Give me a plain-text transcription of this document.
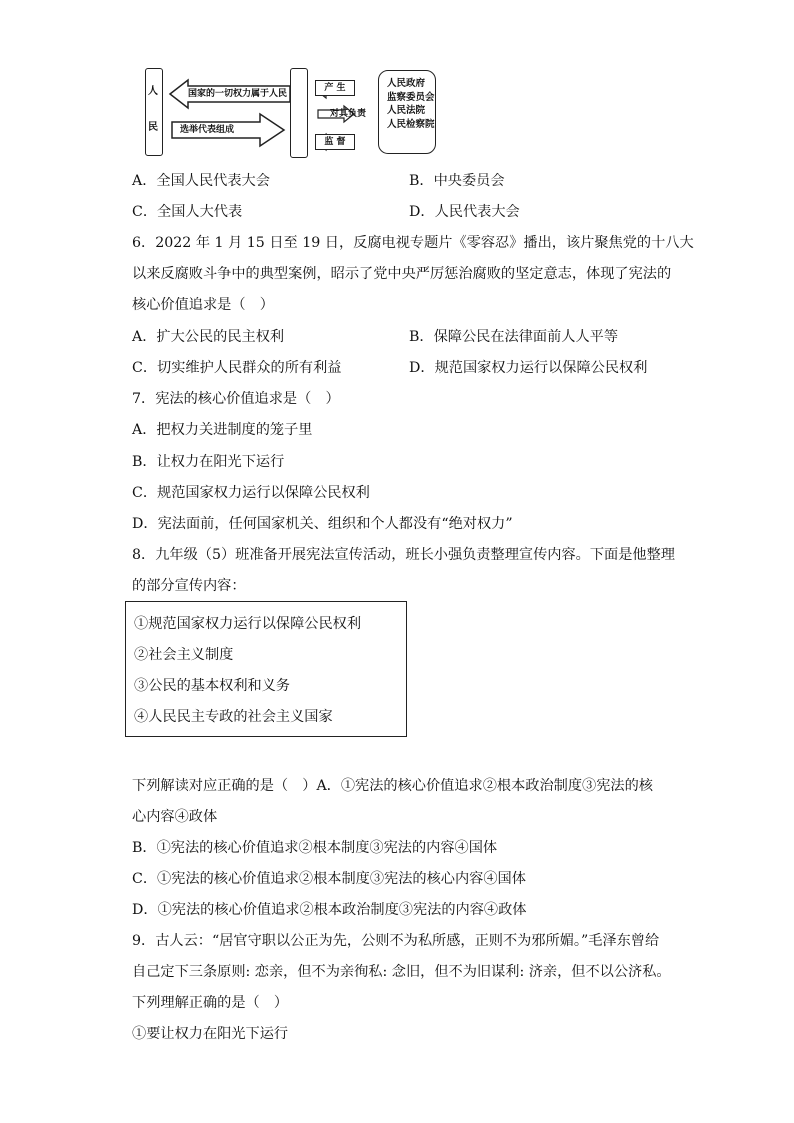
人
民
国家的一切权力属于人民
选举代表组成
产 生
对其负责
监 督
人民政府
监察委员会
人民法院
人民检察院
A．全国人民代表大会	B．中央委员会
C．全国人大代表	D．人民代表大会
6．2022 年 1 月 15 日至 19 日，反腐电视专题片《零容忍》播出，该片聚焦党的十八大
以来反腐败斗争中的典型案例，昭示了党中央严厉惩治腐败的坚定意志，体现了宪法的
核心价值追求是（　）
A．扩大公民的民主权利	B．保障公民在法律面前人人平等
C．切实维护人民群众的所有利益	D．规范国家权力运行以保障公民权利
7．宪法的核心价值追求是（　）
A．把权力关进制度的笼子里
B．让权力在阳光下运行
C．规范国家权力运行以保障公民权利
D．宪法面前，任何国家机关、组织和个人都没有“绝对权力”
8．九年级（5）班准备开展宪法宣传活动，班长小强负责整理宣传内容。下面是他整理
的部分宣传内容：
①规范国家权力运行以保障公民权利
②社会主义制度
③公民的基本权利和义务
④人民民主专政的社会主义国家
下列解读对应正确的是（　）A．①宪法的核心价值追求②根本政治制度③宪法的核
心内容④政体
B．①宪法的核心价值追求②根本制度③宪法的内容④国体
C．①宪法的核心价值追求②根本制度③宪法的核心内容④国体
D．①宪法的核心价值追求②根本政治制度③宪法的内容④政体
9．古人云：“居官守职以公正为先，公则不为私所感，正则不为邪所媚。”毛泽东曾给
自己定下三条原则: 恋亲，但不为亲徇私: 念旧，但不为旧谋利: 济亲，但不以公济私。
下列理解正确的是（　）
①要让权力在阳光下运行
